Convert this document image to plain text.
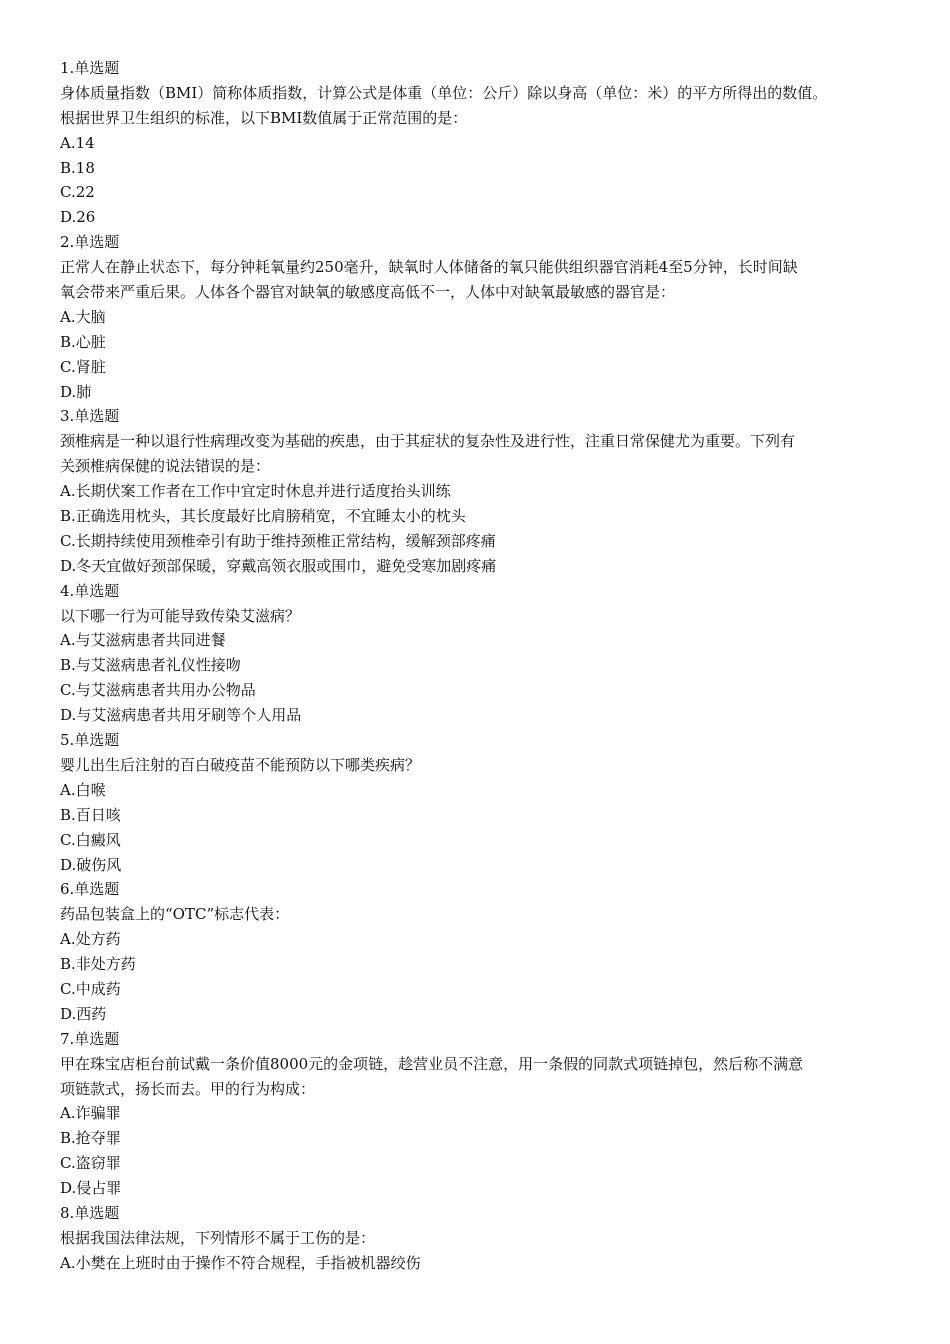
1.单选题
身体质量指数（BMI）简称体质指数，计算公式是体重（单位：公斤）除以身高（单位：米）的平方所得出的数值。
根据世界卫生组织的标准，以下BMI数值属于正常范围的是：
A.14
B.18
C.22
D.26
2.单选题
正常人在静止状态下，每分钟耗氧量约250毫升，缺氧时人体储备的氧只能供组织器官消耗4至5分钟，长时间缺
氧会带来严重后果。人体各个器官对缺氧的敏感度高低不一，人体中对缺氧最敏感的器官是：
A.大脑
B.心脏
C.肾脏
D.肺
3.单选题
颈椎病是一种以退行性病理改变为基础的疾患，由于其症状的复杂性及进行性，注重日常保健尤为重要。下列有
关颈椎病保健的说法错误的是：
A.长期伏案工作者在工作中宜定时休息并进行适度抬头训练
B.正确选用枕头，其长度最好比肩膀稍宽，不宜睡太小的枕头
C.长期持续使用颈椎牵引有助于维持颈椎正常结构，缓解颈部疼痛
D.冬天宜做好颈部保暖，穿戴高领衣服或围巾，避免受寒加剧疼痛
4.单选题
以下哪一行为可能导致传染艾滋病？
A.与艾滋病患者共同进餐
B.与艾滋病患者礼仪性接吻
C.与艾滋病患者共用办公物品
D.与艾滋病患者共用牙刷等个人用品
5.单选题
婴儿出生后注射的百白破疫苗不能预防以下哪类疾病？
A.白喉
B.百日咳
C.白癜风
D.破伤风
6.单选题
药品包装盒上的“OTC”标志代表：
A.处方药
B.非处方药
C.中成药
D.西药
7.单选题
甲在珠宝店柜台前试戴一条价值8000元的金项链，趁营业员不注意，用一条假的同款式项链掉包，然后称不满意
项链款式，扬长而去。甲的行为构成：
A.诈骗罪
B.抢夺罪
C.盗窃罪
D.侵占罪
8.单选题
根据我国法律法规，下列情形不属于工伤的是：
A.小樊在上班时由于操作不符合规程，手指被机器绞伤
